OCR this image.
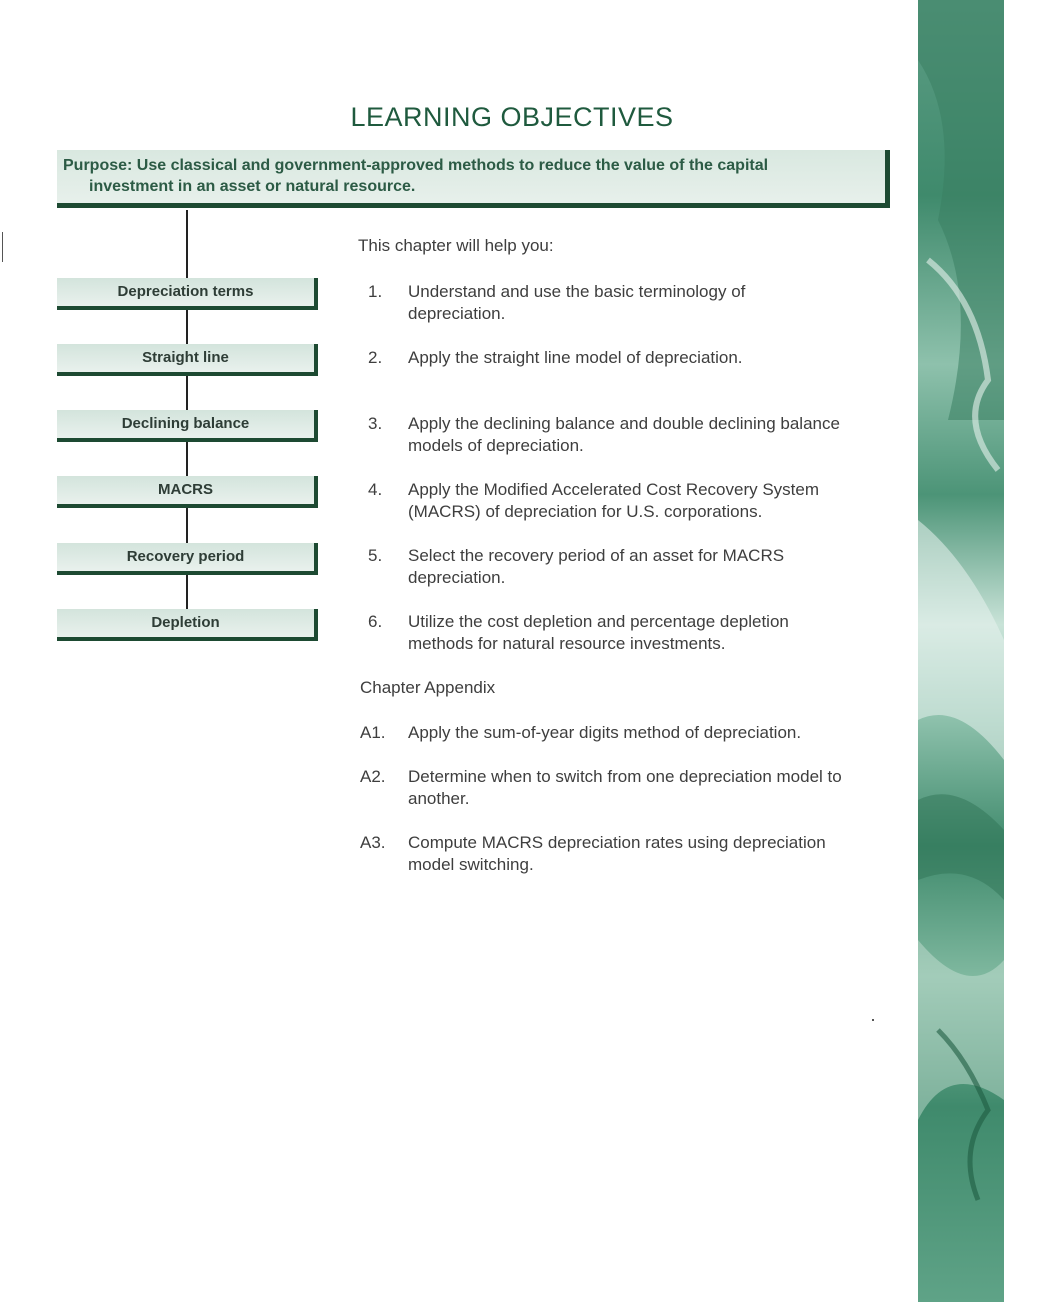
LEARNING OBJECTIVES
Purpose: Use classical and government-approved methods to reduce the value of the capital
investment in an asset or natural resource.
Depreciation terms
Straight line
Declining balance
MACRS
Recovery period
Depletion
This chapter will help you:
1. Understand and use the basic terminology of depreciation.
2. Apply the straight line model of depreciation.
3. Apply the declining balance and double declining balance models of depreciation.
4. Apply the Modified Accelerated Cost Recovery System (MACRS) of depreciation for U.S. corporations.
5. Select the recovery period of an asset for MACRS depreciation.
6. Utilize the cost depletion and percentage depletion methods for natural resource investments.
Chapter Appendix
A1. Apply the sum-of-year digits method of depreciation.
A2. Determine when to switch from one depreciation model to another.
A3. Compute MACRS depreciation rates using depreciation model switching.
